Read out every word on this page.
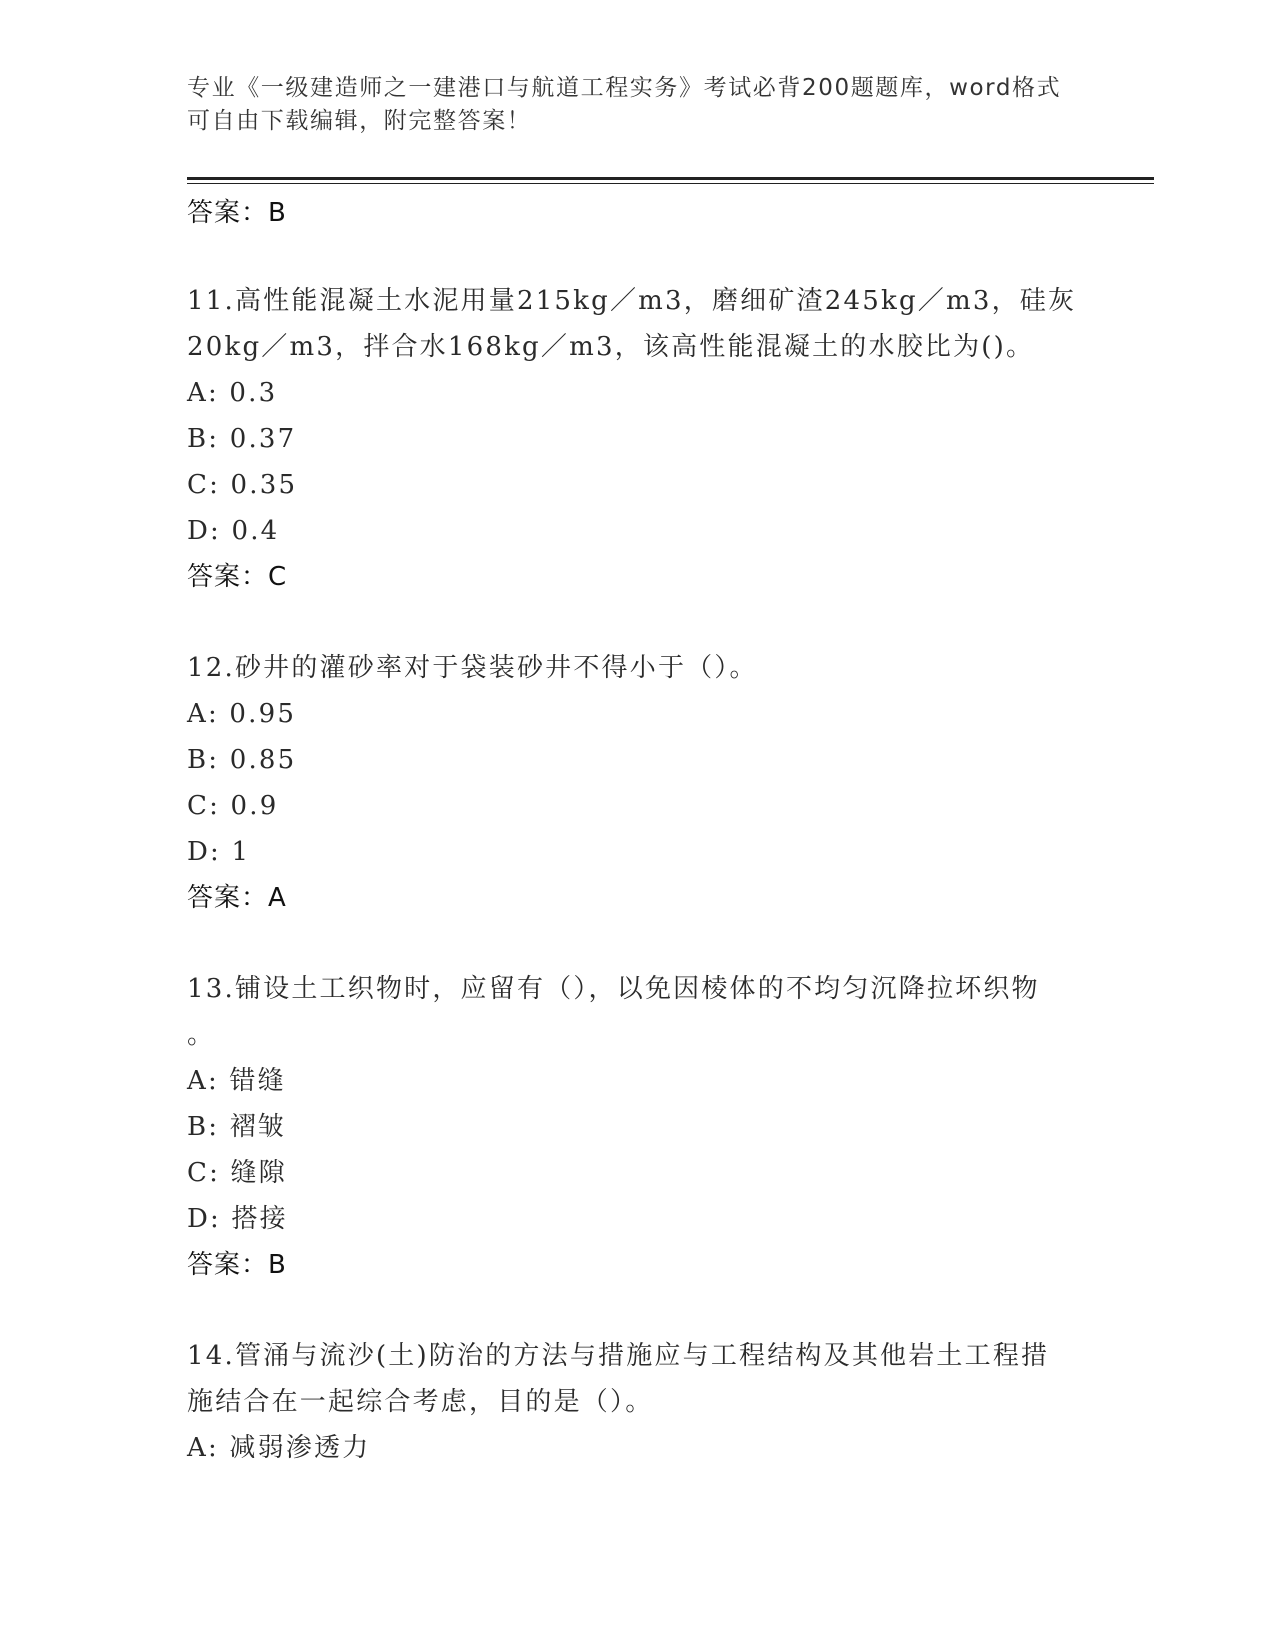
专业《一级建造师之一建港口与航道工程实务》考试必背200题题库，word格式
可自由下载编辑，附完整答案！
答案：B
11.高性能混凝土水泥用量215kg／m3，磨细矿渣245kg／m3，硅灰
20kg／m3，拌合水168kg／m3，该高性能混凝土的水胶比为()。
A: 0.3
B: 0.37
C: 0.35
D: 0.4
答案：C
12.砂井的灌砂率对于袋装砂井不得小于（）。
A: 0.95
B: 0.85
C: 0.9
D: 1
答案：A
13.铺设土工织物时，应留有（），以免因棱体的不均匀沉降拉坏织物
。
A: 错缝
B: 褶皱
C: 缝隙
D: 搭接
答案：B
14.管涌与流沙(土)防治的方法与措施应与工程结构及其他岩土工程措
施结合在一起综合考虑，目的是（）。
A: 减弱渗透力
